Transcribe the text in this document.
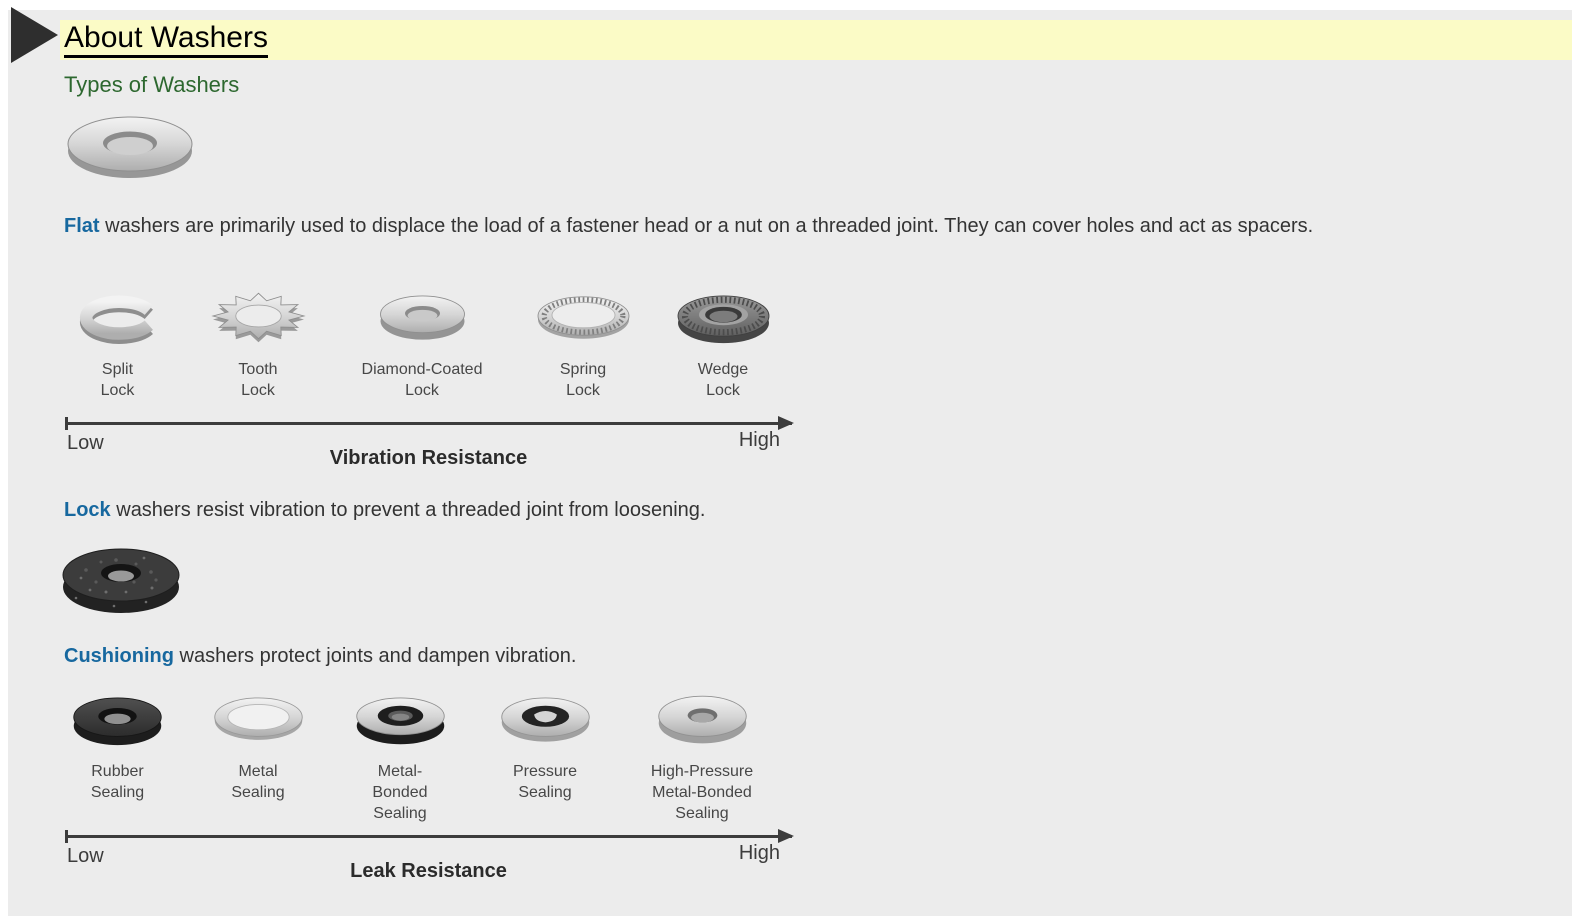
About Washers
Types of Washers

Flat washers are primarily used to displace the load of a fastener head or a nut on a threaded joint. They can cover holes and act as spacers.

Split
Lock
Tooth
Lock
Diamond-Coated
Lock
Spring
Lock
Wedge
Lock
Low	High
Vibration Resistance

Lock washers resist vibration to prevent a threaded joint from loosening.

Cushioning washers protect joints and dampen vibration.

Rubber
Sealing
Metal
Sealing
Metal-
Bonded
Sealing
Pressure
Sealing
High-Pressure
Metal-Bonded
Sealing
Low	High
Leak Resistance
